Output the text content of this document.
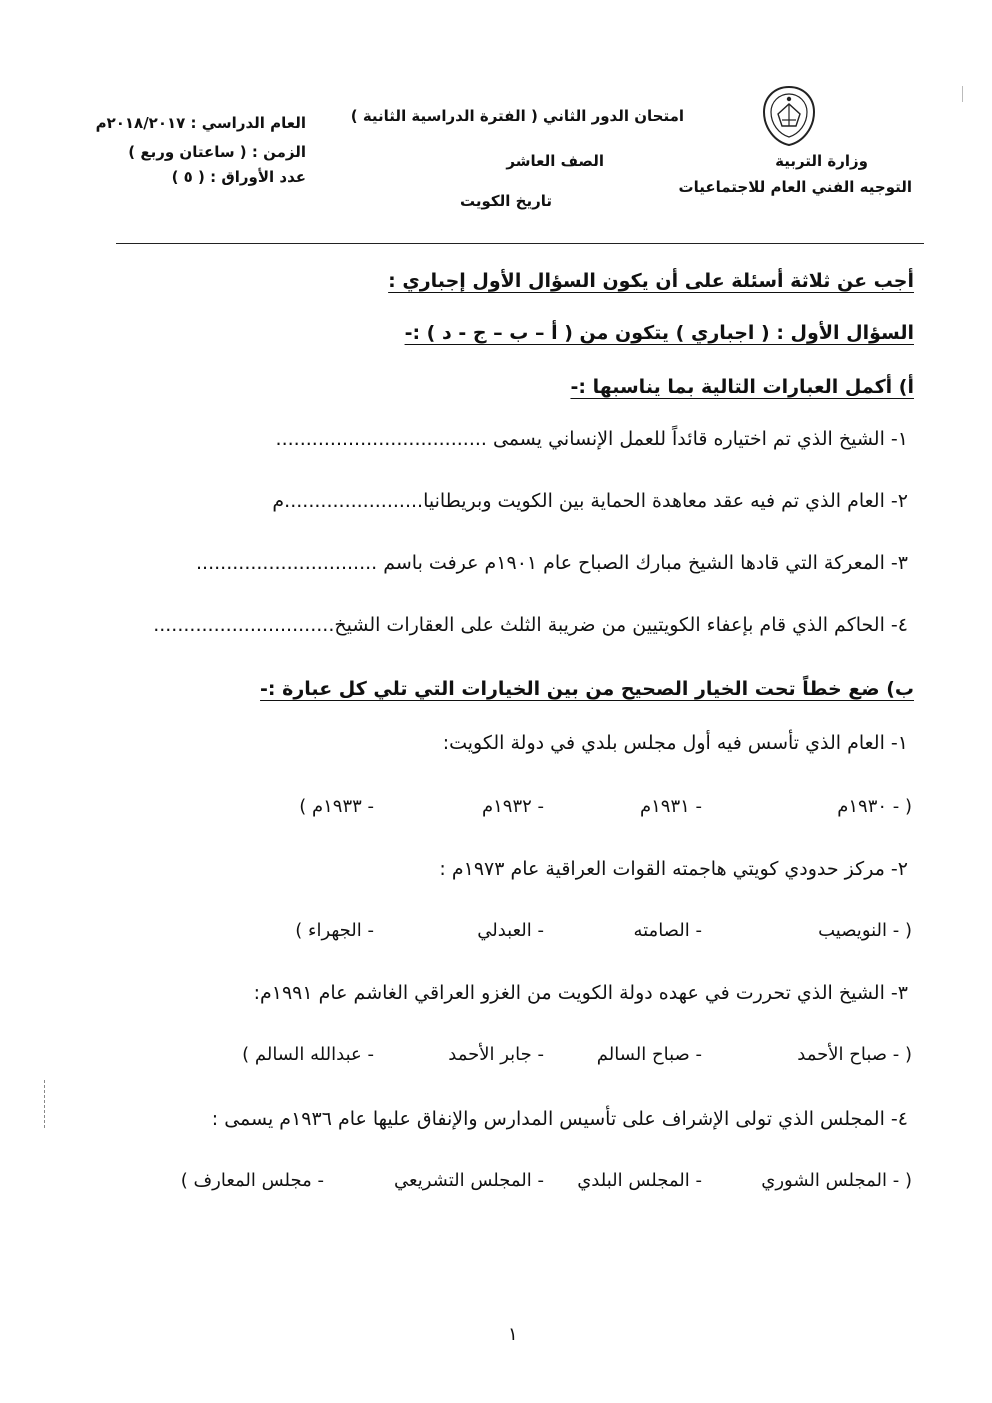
وزارة التربية
التوجيه الفني العام للاجتماعيات
امتحان الدور الثاني ( الفترة الدراسية الثانية )
الصف العاشر
تاريخ الكويت
العام الدراسي : ٢٠١٨/٢٠١٧م
الزمن : ( ساعتان وربع )
عدد الأوراق : ( ٥ )
أجب عن ثلاثة أسئلة على أن يكون السؤال الأول إجباري :
السؤال الأول : ( اجباري ) يتكون من ( أ – ب – ج - د ) :-
أ) أكمل العبارات التالية بما يناسبها :-
١- الشيخ الذي تم اختياره قائداً للعمل الإنساني يسمى ...................................
٢- العام الذي تم فيه عقد معاهدة الحماية بين الكويت وبريطانيا.......................م
٣- المعركة التي قادها الشيخ مبارك الصباح عام ١٩٠١م عرفت باسم ..............................
٤- الحاكم الذي قام بإعفاء الكويتيين من ضريبة الثلث على العقارات الشيخ..............................
ب) ضع خطاً تحت الخيار الصحيح من بين الخيارات التي تلي كل عبارة :-
١- العام الذي تأسس فيه أول مجلس بلدي في دولة الكويت:
( - ١٩٣٠م
- ١٩٣١م
- ١٩٣٢م
- ١٩٣٣م )
٢- مركز حدودي كويتي هاجمته القوات العراقية عام ١٩٧٣م :
( - النويصيب
- الصامته
- العبدلي
- الجهراء )
٣- الشيخ الذي تحررت في عهده دولة الكويت من الغزو العراقي الغاشم عام ١٩٩١م:
( - صباح الأحمد
- صباح السالم
- جابر الأحمد
- عبدالله السالم )
٤- المجلس الذي تولى الإشراف على تأسيس المدارس والإنفاق عليها عام ١٩٣٦م يسمى :
( - المجلس الشوري
- المجلس البلدي
- المجلس التشريعي
- مجلس المعارف )
١
